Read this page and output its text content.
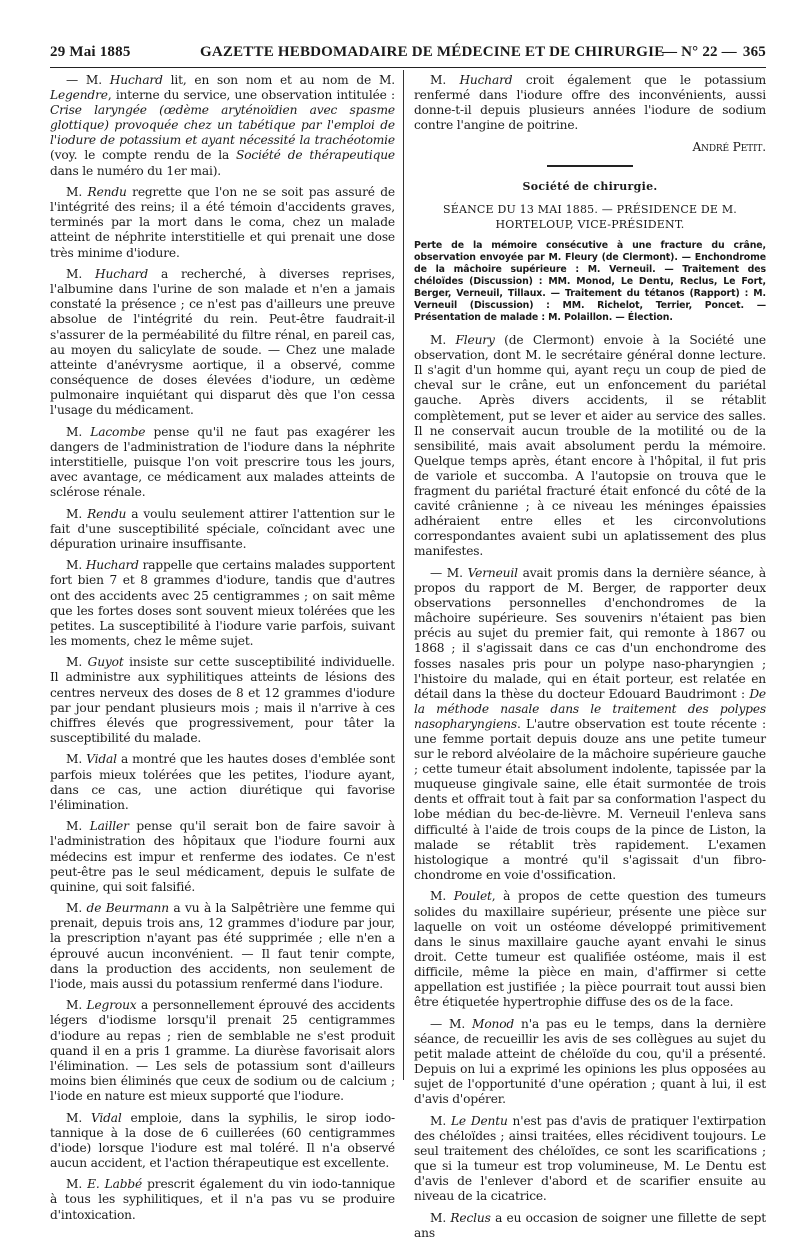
29 Mai 1885	GAZETTE HEBDOMADAIRE DE MÉDECINE ET DE CHIRURGIE
— N° 22 — 365

— M. Huchard lit, en son nom et au nom de M. Legendre, interne du service, une observation intitulée : Crise laryngée (œdème aryténoïdien avec spasme glottique) provoquée chez un tabétique par l'emploi de l'iodure de potassium et ayant nécessité la trachéotomie (voy. le compte rendu de la Société de thérapeutique dans le numéro du 1er mai).

M. Rendu regrette que l'on ne se soit pas assuré de l'intégrité des reins; il a été témoin d'accidents graves, terminés par la mort dans le coma, chez un malade atteint de néphrite interstitielle et qui prenait une dose très minime d'iodure.

M. Huchard a recherché, à diverses reprises, l'albumine dans l'urine de son malade et n'en a jamais constaté la présence ; ce n'est pas d'ailleurs une preuve absolue de l'intégrité du rein. Peut-être faudrait-il s'assurer de la perméabilité du filtre rénal, en pareil cas, au moyen du salicylate de soude. — Chez une malade atteinte d'anévrysme aortique, il a observé, comme conséquence de doses élevées d'iodure, un œdème pulmonaire inquiétant qui disparut dès que l'on cessa l'usage du médicament.

M. Lacombe pense qu'il ne faut pas exagérer les dangers de l'administration de l'iodure dans la néphrite interstitielle, puisque l'on voit prescrire tous les jours, avec avantage, ce médicament aux malades atteints de sclérose rénale.

M. Rendu a voulu seulement attirer l'attention sur le fait d'une susceptibilité spéciale, coïncidant avec une dépuration urinaire insuffisante.

M. Huchard rappelle que certains malades supportent fort bien 7 et 8 grammes d'iodure, tandis que d'autres ont des accidents avec 25 centigrammes ; on sait même que les fortes doses sont souvent mieux tolérées que les petites. La susceptibilité à l'iodure varie parfois, suivant les moments, chez le même sujet.

M. Guyot insiste sur cette susceptibilité individuelle. Il administre aux syphilitiques atteints de lésions des centres nerveux des doses de 8 et 12 grammes d'iodure par jour pendant plusieurs mois ; mais il n'arrive à ces chiffres élevés que progressivement, pour tâter la susceptibilité du malade.

M. Vidal a montré que les hautes doses d'emblée sont parfois mieux tolérées que les petites, l'iodure ayant, dans ce cas, une action diurétique qui favorise l'élimination.

M. Lailler pense qu'il serait bon de faire savoir à l'administration des hôpitaux que l'iodure fourni aux médecins est impur et renferme des iodates. Ce n'est peut-être pas le seul médicament, depuis le sulfate de quinine, qui soit falsifié.

M. de Beurmann a vu à la Salpêtrière une femme qui prenait, depuis trois ans, 12 grammes d'iodure par jour, la prescription n'ayant pas été supprimée ; elle n'en a éprouvé aucun inconvénient. — Il faut tenir compte, dans la production des accidents, non seulement de l'iode, mais aussi du potassium renfermé dans l'iodure.

M. Legroux a personnellement éprouvé des accidents légers d'iodisme lorsqu'il prenait 25 centigrammes d'iodure au repas ; rien de semblable ne s'est produit quand il en a pris 1 gramme. La diurèse favorisait alors l'élimination. — Les sels de potassium sont d'ailleurs moins bien éliminés que ceux de sodium ou de calcium ; l'iode en nature est mieux supporté que l'iodure.

M. Vidal emploie, dans la syphilis, le sirop iodo-tannique à la dose de 6 cuillerées (60 centigrammes d'iode) lorsque l'iodure est mal toléré. Il n'a observé aucun accident, et l'action thérapeutique est excellente.

M. E. Labbé prescrit également du vin iodo-tannique à tous les syphilitiques, et il n'a pas vu se produire d'intoxication.

M. Huchard croit également que le potassium renfermé dans l'iodure offre des inconvénients, aussi donne-t-il depuis plusieurs années l'iodure de sodium contre l'angine de poitrine.

André Petit.
Société de chirurgie.
SÉANCE DU 13 MAI 1885. — PRÉSIDENCE DE M. HORTELOUP, VICE-PRÉSIDENT.
Perte de la mémoire consécutive à une fracture du crâne, observation envoyée par M. Fleury (de Clermont). — Enchondrome de la mâchoire supérieure : M. Verneuil. — Traitement des chéloïdes (Discussion) : MM. Monod, Le Dentu, Reclus, Le Fort, Berger, Verneuil, Tillaux. — Traitement du tétanos (Rapport) : M. Verneuil (Discussion) : MM. Richelot, Terrier, Poncet. — Présentation de malade : M. Polaillon. — Élection.

M. Fleury (de Clermont) envoie à la Société une observation, dont M. le secrétaire général donne lecture. Il s'agit d'un homme qui, ayant reçu un coup de pied de cheval sur le crâne, eut un enfoncement du pariétal gauche. Après divers accidents, il se rétablit complètement, put se lever et aider au service des salles. Il ne conservait aucun trouble de la motilité ou de la sensibilité, mais avait absolument perdu la mémoire. Quelque temps après, étant encore à l'hôpital, il fut pris de variole et succomba. A l'autopsie on trouva que le fragment du pariétal fracturé était enfoncé du côté de la cavité crânienne ; à ce niveau les méninges épaissies adhéraient entre elles et les circonvolutions correspondantes avaient subi un aplatissement des plus manifestes.

— M. Verneuil avait promis dans la dernière séance, à propos du rapport de M. Berger, de rapporter deux observations personnelles d'enchondromes de la mâchoire supérieure. Ses souvenirs n'étaient pas bien précis au sujet du premier fait, qui remonte à 1867 ou 1868 ; il s'agissait dans ce cas d'un enchondrome des fosses nasales pris pour un polype naso-pharyngien ; l'histoire du malade, qui en était porteur, est relatée en détail dans la thèse du docteur Edouard Baudrimont : De la méthode nasale dans le traitement des polypes nasopharyngiens. L'autre observation est toute récente : une femme portait depuis douze ans une petite tumeur sur le rebord alvéolaire de la mâchoire supérieure gauche ; cette tumeur était absolument indolente, tapissée par la muqueuse gingivale saine, elle était surmontée de trois dents et offrait tout à fait par sa conformation l'aspect du lobe médian du bec-de-lièvre. M. Verneuil l'enleva sans difficulté à l'aide de trois coups de la pince de Liston, la malade se rétablit très rapidement. L'examen histologique a montré qu'il s'agissait d'un fibro-chondrome en voie d'ossification.

M. Poulet, à propos de cette question des tumeurs solides du maxillaire supérieur, présente une pièce sur laquelle on voit un ostéome développé primitivement dans le sinus maxillaire gauche ayant envahi le sinus droit. Cette tumeur est qualifiée ostéome, mais il est difficile, même la pièce en main, d'affirmer si cette appellation est justifiée ; la pièce pourrait tout aussi bien être étiquetée hypertrophie diffuse des os de la face.

— M. Monod n'a pas eu le temps, dans la dernière séance, de recueillir les avis de ses collègues au sujet du petit malade atteint de chéloïde du cou, qu'il a présenté. Depuis on lui a exprimé les opinions les plus opposées au sujet de l'opportunité d'une opération ; quant à lui, il est d'avis d'opérer.

M. Le Dentu n'est pas d'avis de pratiquer l'extirpation des chéloïdes ; ainsi traitées, elles récidivent toujours. Le seul traitement des chéloïdes, ce sont les scarifications ; que si la tumeur est trop volumineuse, M. Le Dentu est d'avis de l'enlever d'abord et de scarifier ensuite au niveau de la cicatrice.

M. Reclus a eu occasion de soigner une fillette de sept ans
